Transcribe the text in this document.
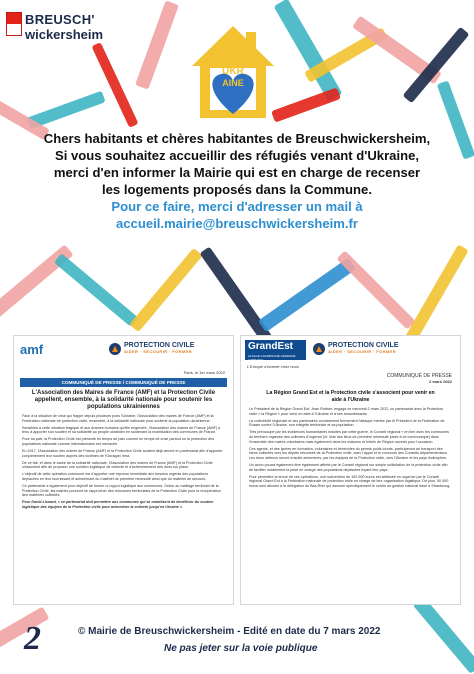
BREUSCH'
wickersheim
UKR
AINE

Chers habitants et chères habitantes de Breuschwickersheim,

Si vous souhaitez accueillir des réfugiés venant d'Ukraine,

merci d'en informer la Mairie qui est en charge de recenser

les logements proposés dans la Commune.

Pour ce faire, merci d'adresser un mail à

accueil.mairie@breuschwickersheim.fr

amf	PROTECTION CIVILE
AIDER · SECOURIR · FORMER
Paris, le 1er mars 2022
COMMUNIQUÉ DE PRESSE / COMMUNIQUÉ DE PRESSE
L'Association des Maires de France (AMF) et la Protection Civile appellent, ensemble, à la solidarité nationale pour soutenir les populations ukrainiennes

Face à la situation de crise qui frappe depuis plusieurs jours l'Ukraine, l'Association des maires de France (AMF) et la Fédération nationale de protection civile, ensemble, à la solidarité nationale pour soutenir la population ukrainienne.

Sensibles à cette situation tragique et aux drames humains qu'elle engendre, l'Association des maires de France (AMF) a tenu à apporter son soutien et sa solidarité au peuple ukrainien en soutenant la mobilisation des communes de France.

Pour sa part, la Protection Civile est présente en temps de paix comme en temps de crise partout où la protection des populations nationale comme internationales est menacée.

En 2017, l'Association des maires de France (AMF) et la Protection Civile avaient déjà œuvré en partenariat afin d'apporter conjointement leur soutien auprès des victimes de l'Ouragan Irma.

De ce fait, et dans le cadre de la solidarité nationale, l'Association des maires de France (AMF) et la Protection Civile s'associent afin de proposer une solution logistique de collecte et d'acheminement des dons sur place.

L'objectif de cette opération commune est d'apporter une réponse immédiate aux besoins urgents des populations déplacées en leur fournissant et acheminant du matériel de première nécessité ainsi que du matériel de secours.

Ce partenariat a également pour objectif de fournir un appui logistique aux communes. Grâce au maillage territorial de la Protection Civile, les mairies pourront se rapprocher des structures territoriales de la Protection Civile pour la récupération des matériels collectés.

Pour David Lisnard, « ce partenariat doit permettre aux communes qui se mobilisent de bénéficier du soutien logistique des équipes de la Protection civile pour acheminer la collecte jusqu'en Ukraine ».

GrandEst
ALSACE CHAMPAGNE-ARDENNE LORRAINE
PROTECTION CIVILE
AIDER · SECOURIR · FORMER
L'Europe s'invente chez nous
COMMUNIQUÉ DE PRESSE
2 mars 2022
La Région Grand Est et la Protection civile s'associent pour venir en aide à l'Ukraine

Le Président de la Région Grand Est, Jean Rottner, engage ce mercredi 2 mars 2022, un partenariat avec la Protection civile « la Région » pour venir en aide à l'Ukraine et à ses ressortissants.

La collectivité régionale et ses partenaires condamnent fermement l'attaque menée par le Président de la Fédération de Russie contre l'Ukraine, son intégrité territoriale et sa population.

Très préoccupé par les incidences humanitaires induites par cette guerre, le Conseil régional « en lien avec les communes du territoire organise des collectes d'urgence [cf. liste des lieux de première nécessité jointe à ce communiqué] dans l'ensemble des maires volontaires mais également dans les maisons et hôtels de Région ouverts pour l'occasion.

Ces agents, et des lycées en formation, volontaires et bénévoles du permis poids lourds, participeront au transport des biens collectés vers les dépôts sécurisés de la Protection civile, avec l'appui et le concours des Conseils départementaux. Les dons obtenus seront ensuite acheminés, par les équipes de la Protection civile, vers l'Ukraine et les pays limitrophes.

Un avion pourra également être également affrété par le Conseil régional sur simple sollicitation de la protection civile afin de faciliter notamment la prise en charge des populations déplacées fuyant leur pays.

Pour permettre la tenue de ces opérations, une subvention de 100 000 euros est attribuée en urgence par le Conseil régional Grand Est à la Fédération nationale de protection civile en charge de leur organisation logistique. De plus, 50 000 euros sont alloués à la délégation du Bas-Rhin qui assume spécifiquement le centre de gestion national basé à Strasbourg.

2	© Mairie de Breuschwickersheim - Edité en date du 7 mars 2022
Ne pas jeter sur la voie publique
